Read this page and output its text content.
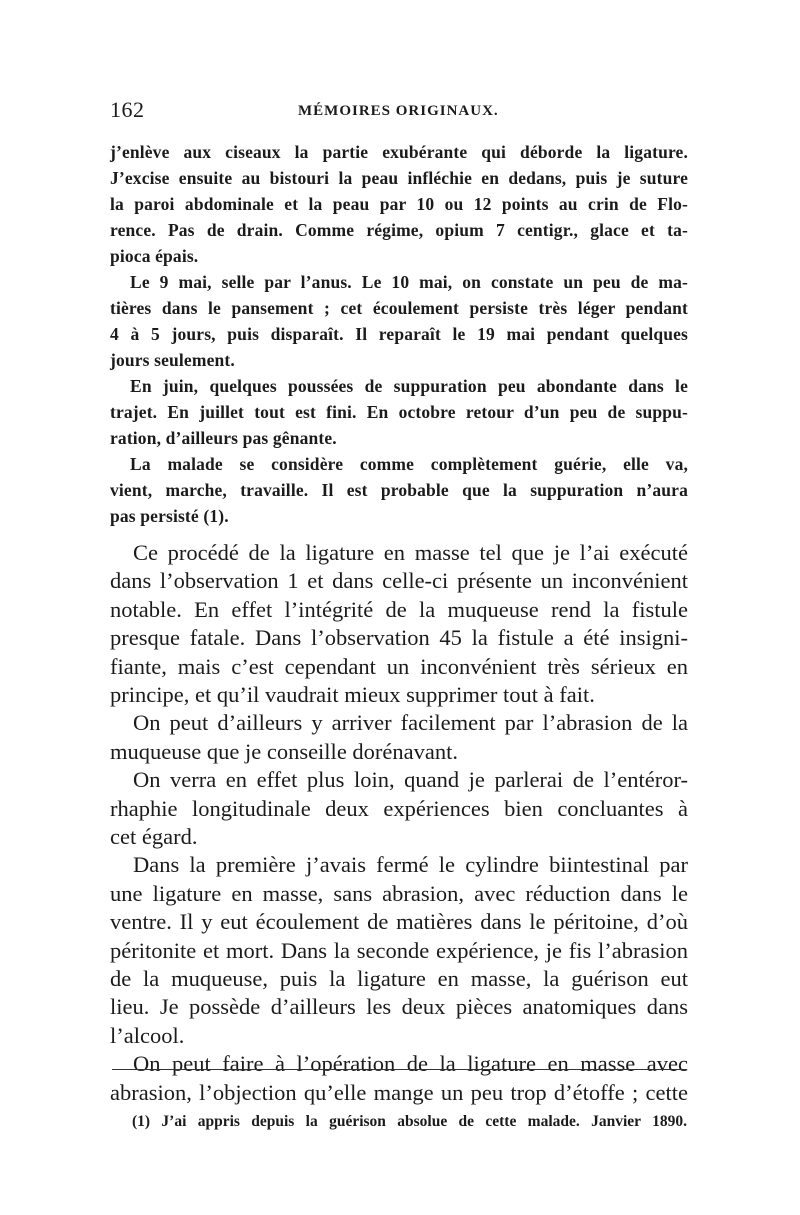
162	MÉMOIRES ORIGINAUX.

j’enlève aux ciseaux la partie exubérante qui déborde la ligature.

J’excise ensuite au bistouri la peau infléchie en dedans, puis je suture

la paroi abdominale et la peau par 10 ou 12 points au crin de Flo-

rence. Pas de drain. Comme régime, opium 7 centigr., glace et ta-

pioca épais.

Le 9 mai, selle par l’anus. Le 10 mai, on constate un peu de ma-

tières dans le pansement ; cet écoulement persiste très léger pendant

4 à 5 jours, puis disparaît. Il reparaît le 19 mai pendant quelques

jours seulement.

En juin, quelques poussées de suppuration peu abondante dans le

trajet. En juillet tout est fini. En octobre retour d’un peu de suppu-

ration, d’ailleurs pas gênante.

La malade se considère comme complètement guérie, elle va,

vient, marche, travaille. Il est probable que la suppuration n’aura

pas persisté (1).

Ce procédé de la ligature en masse tel que je l’ai exécuté

dans l’observation 1 et dans celle-ci présente un inconvénient

notable. En effet l’intégrité de la muqueuse rend la fistule

presque fatale. Dans l’observation 45 la fistule a été insigni-

fiante, mais c’est cependant un inconvénient très sérieux en

principe, et qu’il vaudrait mieux supprimer tout à fait.

On peut d’ailleurs y arriver facilement par l’abrasion de la

muqueuse que je conseille dorénavant.

On verra en effet plus loin, quand je parlerai de l’entéror-

rhaphie longitudinale deux expériences bien concluantes à

cet égard.

Dans la première j’avais fermé le cylindre biintestinal par

une ligature en masse, sans abrasion, avec réduction dans le

ventre. Il y eut écoulement de matières dans le péritoine, d’où

péritonite et mort. Dans la seconde expérience, je fis l’abrasion

de la muqueuse, puis la ligature en masse, la guérison eut

lieu. Je possède d’ailleurs les deux pièces anatomiques dans

l’alcool.

On peut faire à l’opération de la ligature en masse avec

abrasion, l’objection qu’elle mange un peu trop d’étoffe ; cette

(1) J’ai appris depuis la guérison absolue de cette malade. Janvier 1890.
